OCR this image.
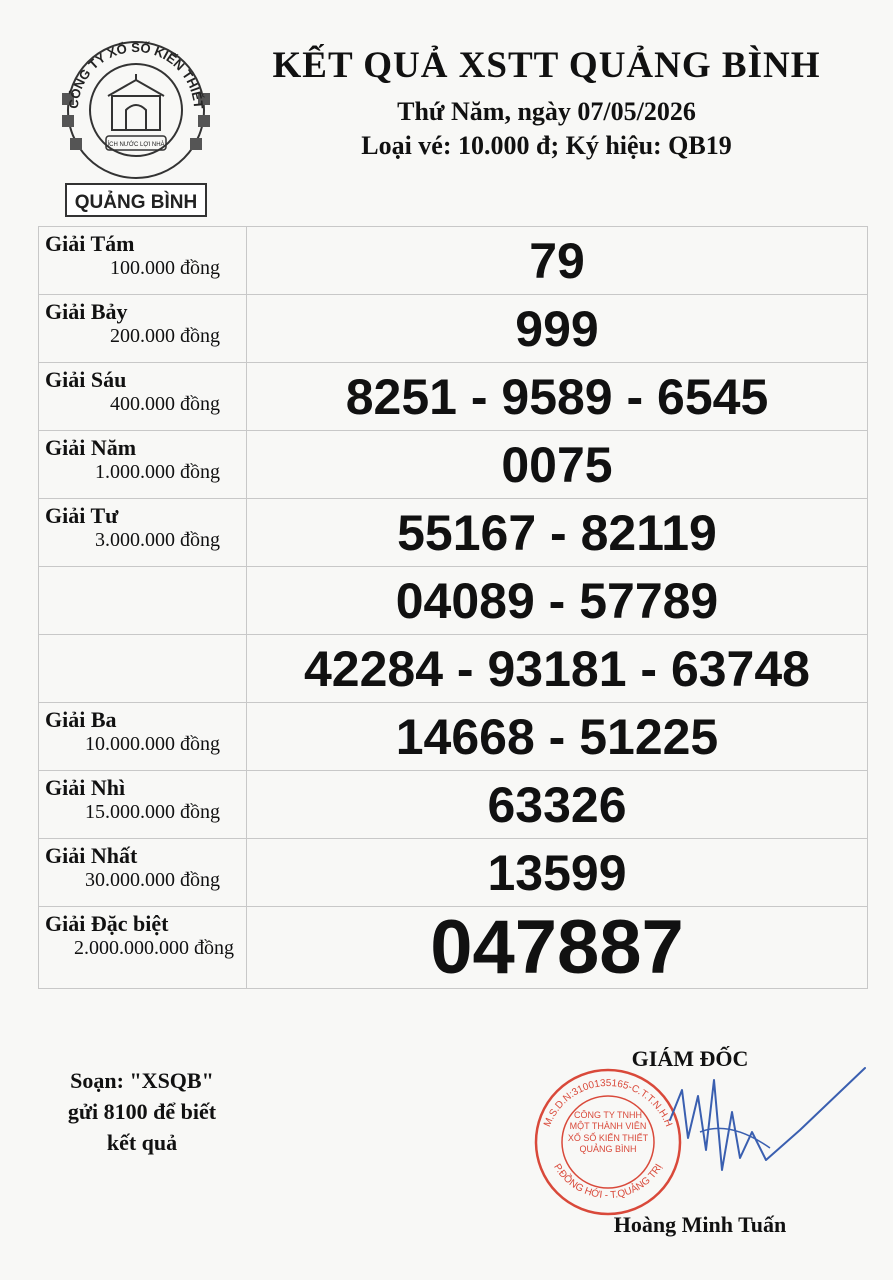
CÔNG TY XỔ SỐ KIẾN THIẾT
ÍCH NƯỚC LỢI NHÀ
QUẢNG BÌNH
KẾT QUẢ XSTT QUẢNG BÌNH
Thứ Năm, ngày 07/05/2026
Loại vé: 10.000 đ; Ký hiệu: QB19
Giải Tám
100.000 đồng	79

Giải Bảy
200.000 đồng	999

Giải Sáu
400.000 đồng	8251 - 9589 - 6545

Giải Năm
1.000.000 đồng	0075

Giải Tư
3.000.000 đồng	55167 - 82119

	04089 - 57789

	42284 - 93181 - 63748

Giải Ba
10.000.000 đồng	14668 - 51225

Giải Nhì
15.000.000 đồng	63326

Giải Nhất
30.000.000 đồng	13599

Giải Đặc biệt
2.000.000.000 đồng	047887
Soạn: "XSQB"
gửi 8100 để biết
kết quả
GIÁM ĐỐC
M.S.D.N:3100135165-C.T.T.N.H.H
P.ĐỒNG HỚI - T.QUẢNG TRỊ
CÔNG TY TNHH MỘT THÀNH VIÊN XỔ SỐ KIẾN THIẾT QUẢNG BÌNH
Hoàng Minh Tuấn
